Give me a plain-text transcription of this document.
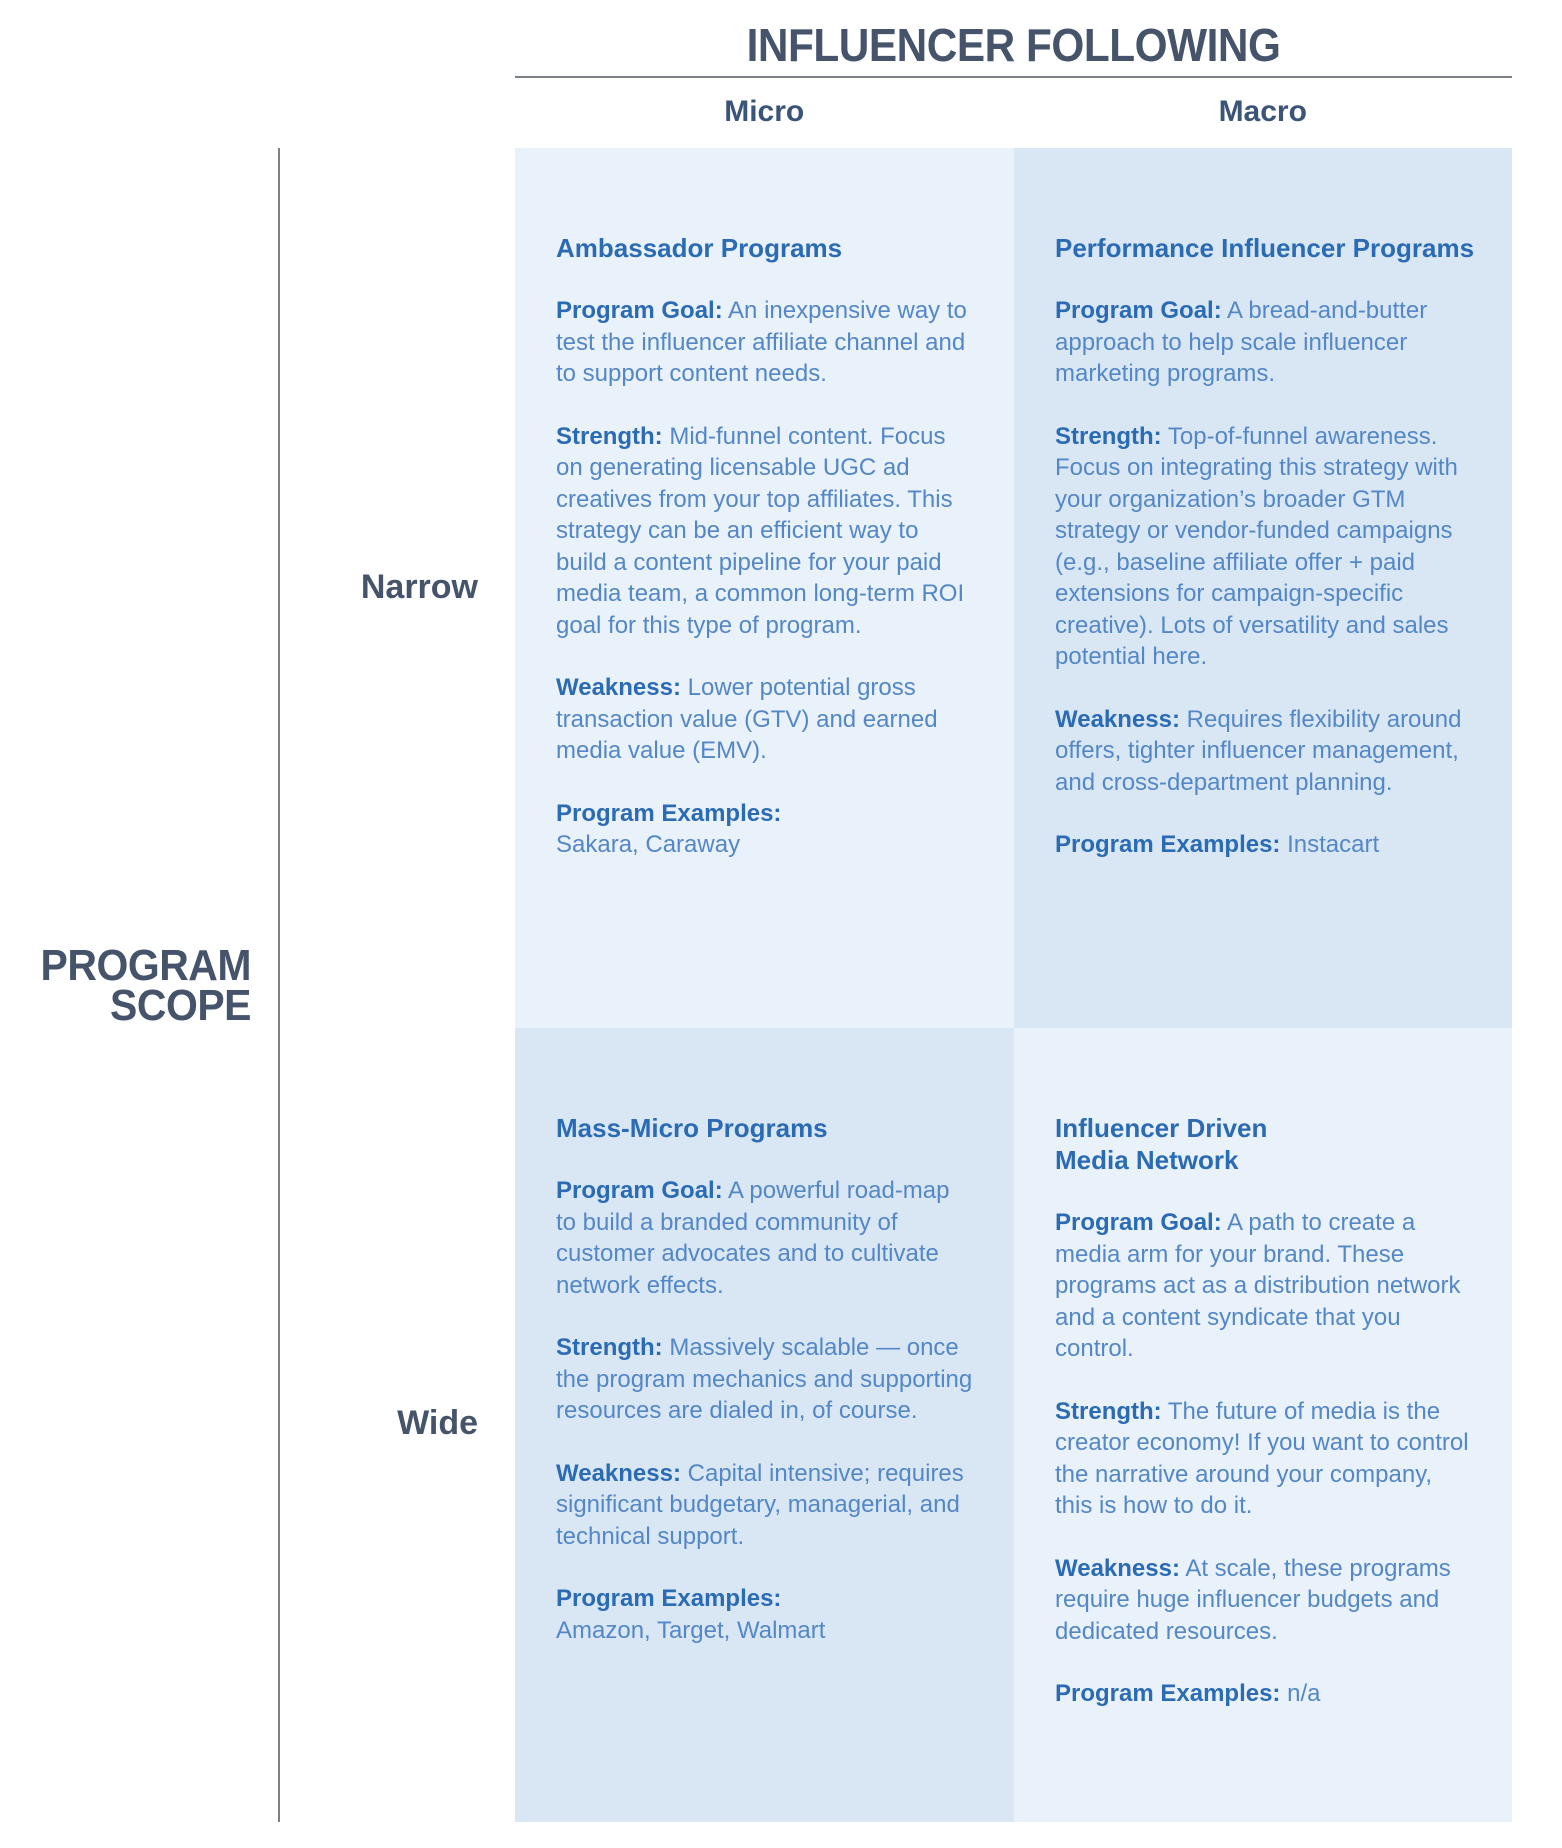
INFLUENCER FOLLOWING
Micro	Macro
Narrow
Wide
PROGRAM
SCOPE
Ambassador Programs

Program Goal: An inexpensive way to test the influencer affiliate channel and to support content needs.

Strength: Mid-funnel content. Focus on generating licensable UGC ad creatives from your top affiliates. This strategy can be an efficient way to build a content pipeline for your paid media team, a common long-term ROI goal for this type of program.

Weakness: Lower potential gross transaction value (GTV) and earned media value (EMV).

Program Examples:
Sakara, Caraway

Performance Influencer Programs

Program Goal: A bread-and-butter approach to help scale influencer marketing programs.

Strength: Top-of-funnel awareness. Focus on integrating this strategy with your organization’s broader GTM strategy or vendor-funded campaigns (e.g., baseline affiliate offer + paid extensions for campaign-specific creative). Lots of versatility and sales potential here.

Weakness: Requires flexibility around offers, tighter influencer management, and cross-department planning.

Program Examples: Instacart

Mass-Micro Programs

Program Goal: A powerful road-map to build a branded community of customer advocates and to cultivate network effects.

Strength: Massively scalable — once the program mechanics and supporting resources are dialed in, of course.

Weakness: Capital intensive; requires significant budgetary, managerial, and technical support.

Program Examples:
Amazon, Target, Walmart

Influencer Driven
Media Network

Program Goal: A path to create a media arm for your brand. These programs act as a distribution network and a content syndicate that you control.

Strength: The future of media is the creator economy! If you want to control the narrative around your company, this is how to do it.

Weakness: At scale, these programs require huge influencer budgets and dedicated resources.

Program Examples: n/a
